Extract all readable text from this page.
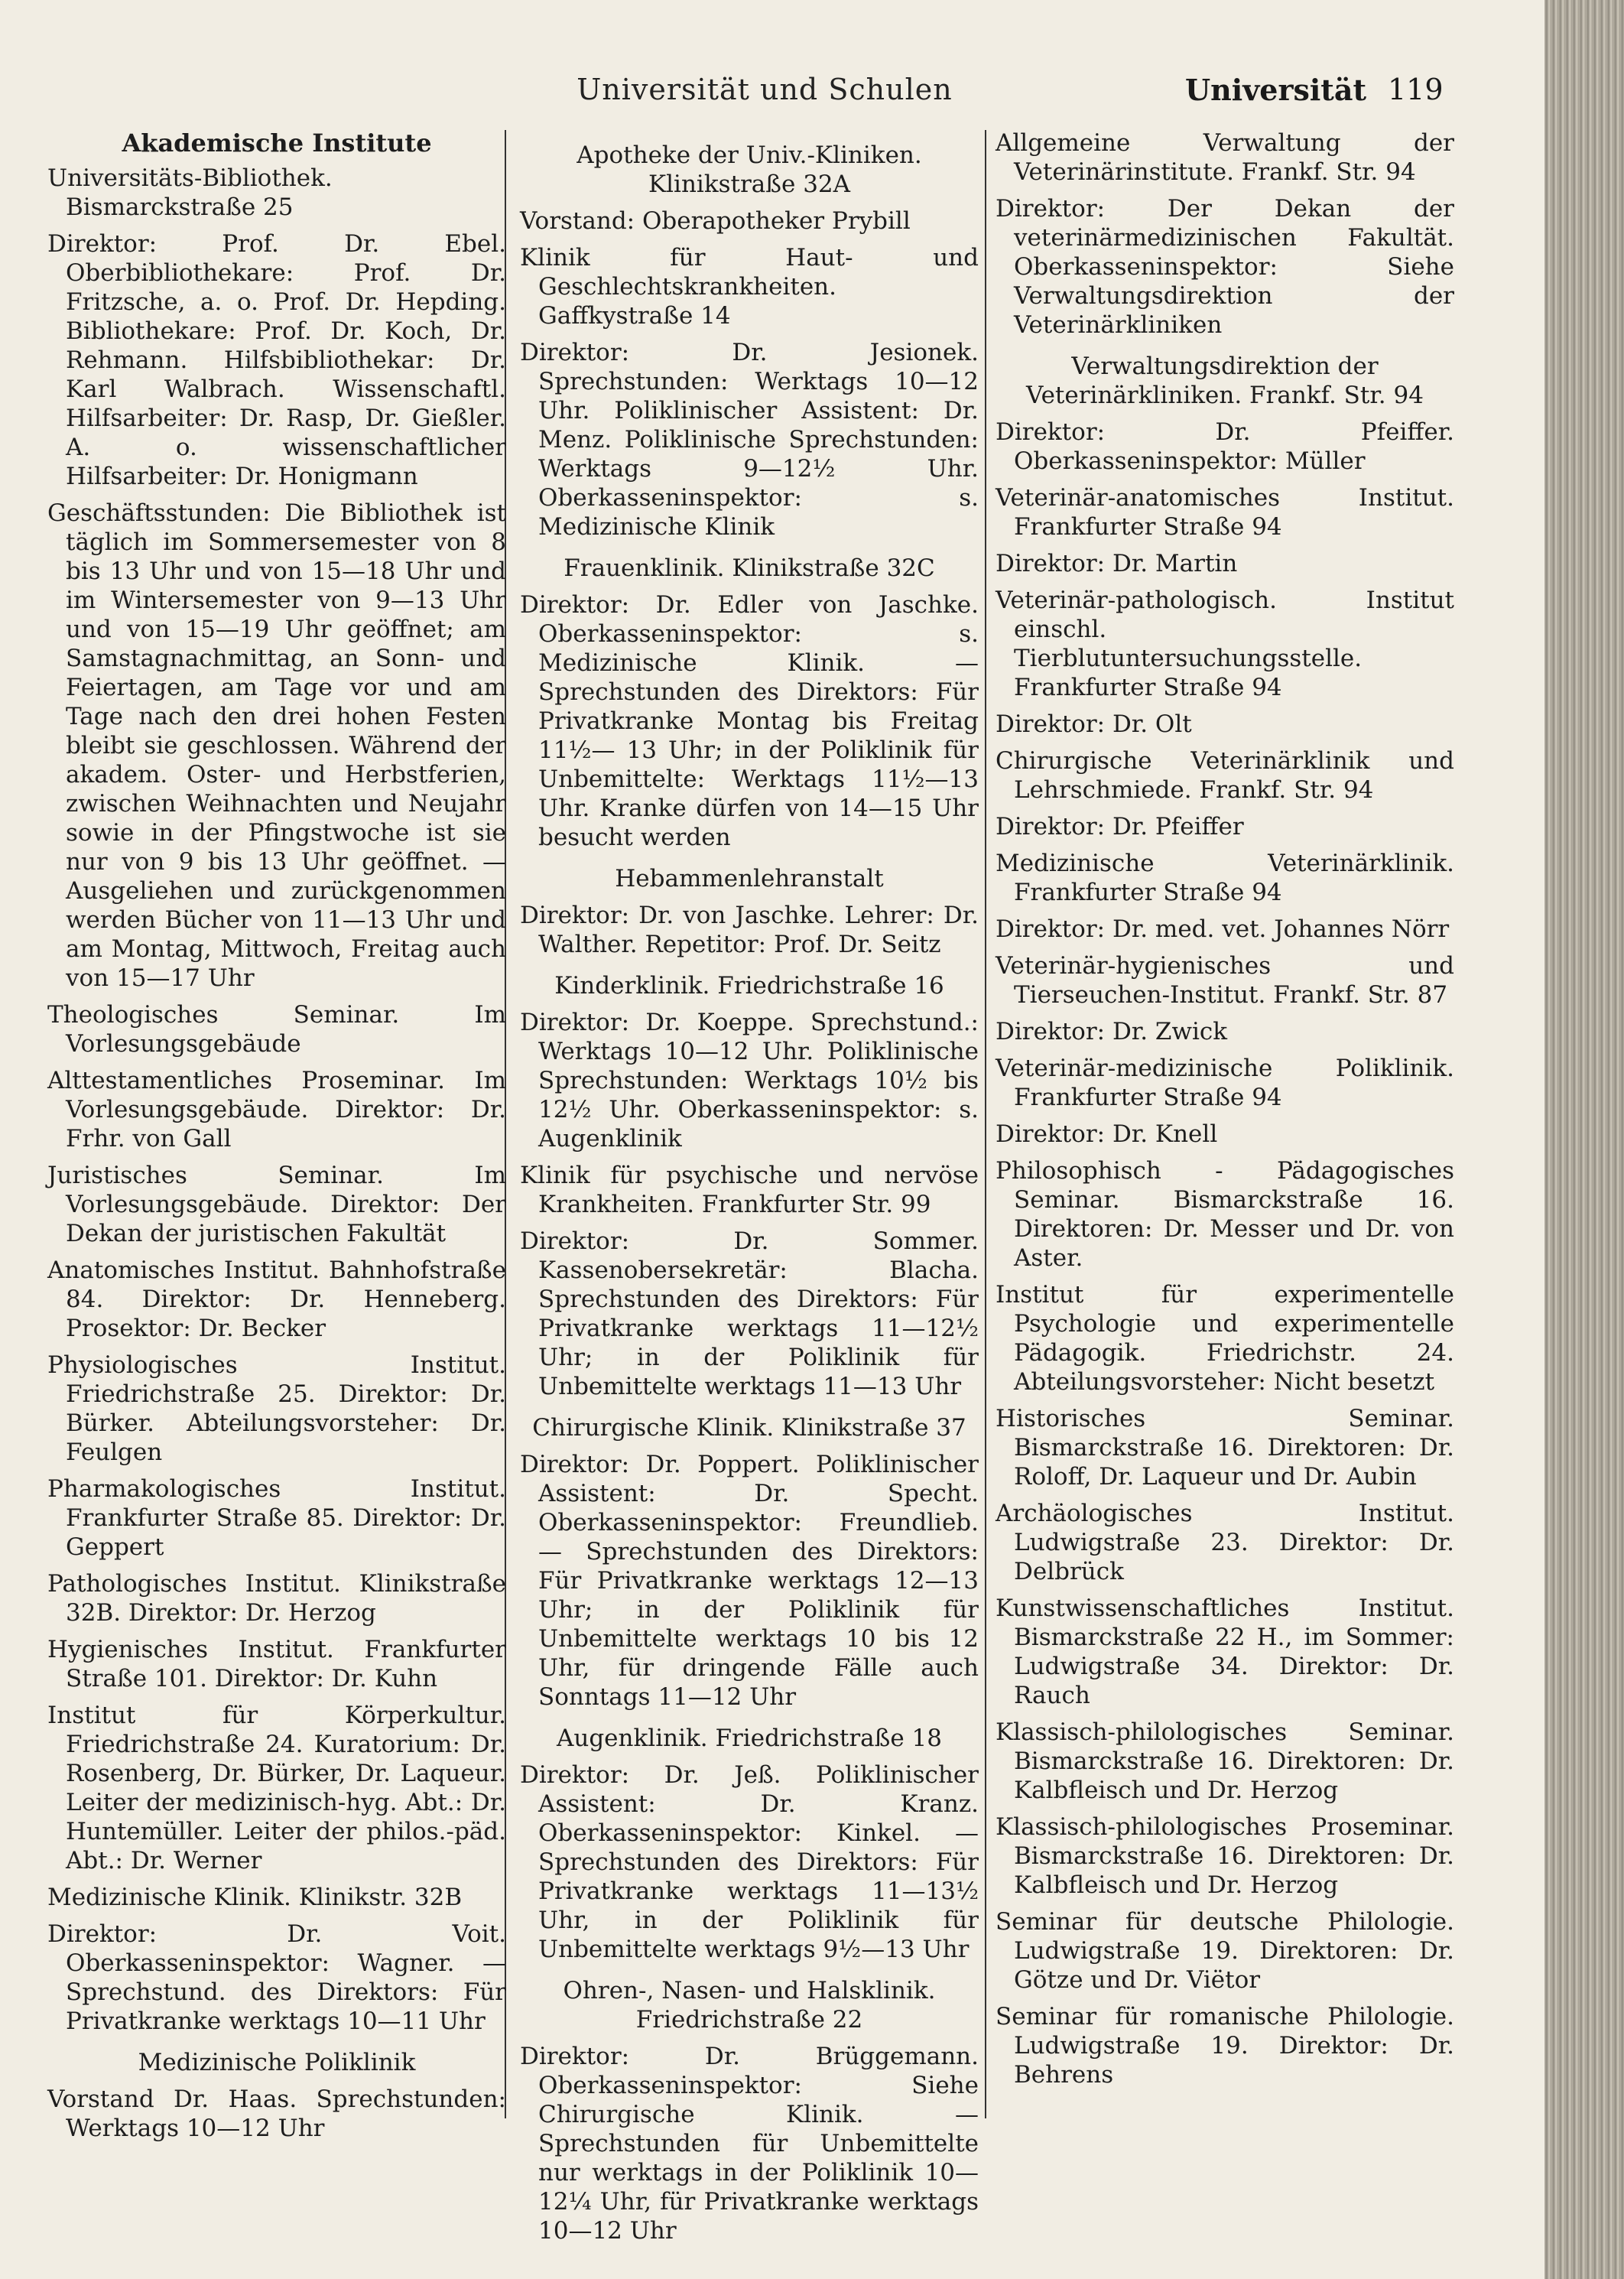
Universität und Schulen	Universität 119
Akademische Institute

Universitäts-Bibliothek. Bismarckstraße 25

Direktor: Prof. Dr. Ebel. Oberbibliothekare: Prof. Dr. Fritzsche, a. o. Prof. Dr. Hepding. Bibliothekare: Prof. Dr. Koch, Dr. Rehmann. Hilfsbibliothekar: Dr. Karl Walbrach. Wissenschaftl. Hilfsarbeiter: Dr. Rasp, Dr. Gießler. A. o. wissenschaftlicher Hilfsarbeiter: Dr. Honigmann

Geschäftsstunden: Die Bibliothek ist täglich im Sommersemester von 8 bis 13 Uhr und von 15—18 Uhr und im Wintersemester von 9—13 Uhr und von 15—19 Uhr geöffnet; am Samstagnachmittag, an Sonn- und Feiertagen, am Tage vor und am Tage nach den drei hohen Festen bleibt sie geschlossen. Während der akadem. Oster- und Herbstferien, zwischen Weihnachten und Neujahr sowie in der Pfingstwoche ist sie nur von 9 bis 13 Uhr geöffnet. — Ausgeliehen und zurückgenommen werden Bücher von 11—13 Uhr und am Montag, Mittwoch, Freitag auch von 15—17 Uhr

Theologisches Seminar. Im Vorlesungsgebäude

Alttestamentliches Proseminar. Im Vorlesungsgebäude. Direktor: Dr. Frhr. von Gall

Juristisches Seminar. Im Vorlesungsgebäude. Direktor: Der Dekan der juristischen Fakultät

Anatomisches Institut. Bahnhofstraße 84. Direktor: Dr. Henneberg. Prosektor: Dr. Becker

Physiologisches Institut. Friedrichstraße 25. Direktor: Dr. Bürker. Abteilungsvorsteher: Dr. Feulgen

Pharmakologisches Institut. Frankfurter Straße 85. Direktor: Dr. Geppert

Pathologisches Institut. Klinikstraße 32B. Direktor: Dr. Herzog

Hygienisches Institut. Frankfurter Straße 101. Direktor: Dr. Kuhn

Institut für Körperkultur. Friedrichstraße 24. Kuratorium: Dr. Rosenberg, Dr. Bürker, Dr. Laqueur. Leiter der medizinisch-hyg. Abt.: Dr. Huntemüller. Leiter der philos.-päd. Abt.: Dr. Werner

Medizinische Klinik. Klinikstr. 32B

Direktor: Dr. Voit. Oberkasseninspektor: Wagner. — Sprechstund. des Direktors: Für Privatkranke werktags 10—11 Uhr

Medizinische Poliklinik

Vorstand Dr. Haas. Sprechstunden: Werktags 10—12 Uhr

Apotheke der Univ.-Kliniken. Klinikstraße 32A

Vorstand: Oberapotheker Prybill

Klinik für Haut- und Geschlechtskrankheiten. Gaffkystraße 14

Direktor: Dr. Jesionek. Sprechstunden: Werktags 10—12 Uhr. Poliklinischer Assistent: Dr. Menz. Poliklinische Sprechstunden: Werktags 9—12½ Uhr. Oberkasseninspektor: s. Medizinische Klinik

Frauenklinik. Klinikstraße 32C

Direktor: Dr. Edler von Jaschke. Oberkasseninspektor: s. Medizinische Klinik. — Sprechstunden des Direktors: Für Privatkranke Montag bis Freitag 11½— 13 Uhr; in der Poliklinik für Unbemittelte: Werktags 11½—13 Uhr. Kranke dürfen von 14—15 Uhr besucht werden

Hebammenlehranstalt

Direktor: Dr. von Jaschke. Lehrer: Dr. Walther. Repetitor: Prof. Dr. Seitz

Kinderklinik. Friedrichstraße 16

Direktor: Dr. Koeppe. Sprechstund.: Werktags 10—12 Uhr. Poliklinische Sprechstunden: Werktags 10½ bis 12½ Uhr. Oberkasseninspektor: s. Augenklinik

Klinik für psychische und nervöse Krankheiten. Frankfurter Str. 99

Direktor: Dr. Sommer. Kassenobersekretär: Blacha. Sprechstunden des Direktors: Für Privatkranke werktags 11—12½ Uhr; in der Poliklinik für Unbemittelte werktags 11—13 Uhr

Chirurgische Klinik. Klinikstraße 37

Direktor: Dr. Poppert. Poliklinischer Assistent: Dr. Specht. Oberkasseninspektor: Freundlieb. — Sprechstunden des Direktors: Für Privatkranke werktags 12—13 Uhr; in der Poliklinik für Unbemittelte werktags 10 bis 12 Uhr, für dringende Fälle auch Sonntags 11—12 Uhr

Augenklinik. Friedrichstraße 18

Direktor: Dr. Jeß. Poliklinischer Assistent: Dr. Kranz. Oberkasseninspektor: Kinkel. — Sprechstunden des Direktors: Für Privatkranke werktags 11—13½ Uhr, in der Poliklinik für Unbemittelte werktags 9½—13 Uhr

Ohren-, Nasen- und Halsklinik. Friedrichstraße 22

Direktor: Dr. Brüggemann. Oberkasseninspektor: Siehe Chirurgische Klinik. — Sprechstunden für Unbemittelte nur werktags in der Poliklinik 10—12¼ Uhr, für Privatkranke werktags 10—12 Uhr

Allgemeine Verwaltung der Veterinärinstitute. Frankf. Str. 94

Direktor: Der Dekan der veterinärmedizinischen Fakultät. Oberkasseninspektor: Siehe Verwaltungsdirektion der Veterinärkliniken

Verwaltungsdirektion der Veterinärkliniken. Frankf. Str. 94

Direktor: Dr. Pfeiffer. Oberkasseninspektor: Müller

Veterinär-anatomisches Institut. Frankfurter Straße 94

Direktor: Dr. Martin

Veterinär-pathologisch. Institut einschl. Tierblutuntersuchungsstelle. Frankfurter Straße 94

Direktor: Dr. Olt

Chirurgische Veterinärklinik und Lehrschmiede. Frankf. Str. 94

Direktor: Dr. Pfeiffer

Medizinische Veterinärklinik. Frankfurter Straße 94

Direktor: Dr. med. vet. Johannes Nörr

Veterinär-hygienisches und Tierseuchen-Institut. Frankf. Str. 87

Direktor: Dr. Zwick

Veterinär-medizinische Poliklinik. Frankfurter Straße 94

Direktor: Dr. Knell

Philosophisch - Pädagogisches Seminar. Bismarckstraße 16. Direktoren: Dr. Messer und Dr. von Aster.

Institut für experimentelle Psychologie und experimentelle Pädagogik. Friedrichstr. 24. Abteilungsvorsteher: Nicht besetzt

Historisches Seminar. Bismarckstraße 16. Direktoren: Dr. Roloff, Dr. Laqueur und Dr. Aubin

Archäologisches Institut. Ludwigstraße 23. Direktor: Dr. Delbrück

Kunstwissenschaftliches Institut. Bismarckstraße 22 H., im Sommer: Ludwigstraße 34. Direktor: Dr. Rauch

Klassisch-philologisches Seminar. Bismarckstraße 16. Direktoren: Dr. Kalbfleisch und Dr. Herzog

Klassisch-philologisches Proseminar. Bismarckstraße 16. Direktoren: Dr. Kalbfleisch und Dr. Herzog

Seminar für deutsche Philologie. Ludwigstraße 19. Direktoren: Dr. Götze und Dr. Viëtor

Seminar für romanische Philologie. Ludwigstraße 19. Direktor: Dr. Behrens
